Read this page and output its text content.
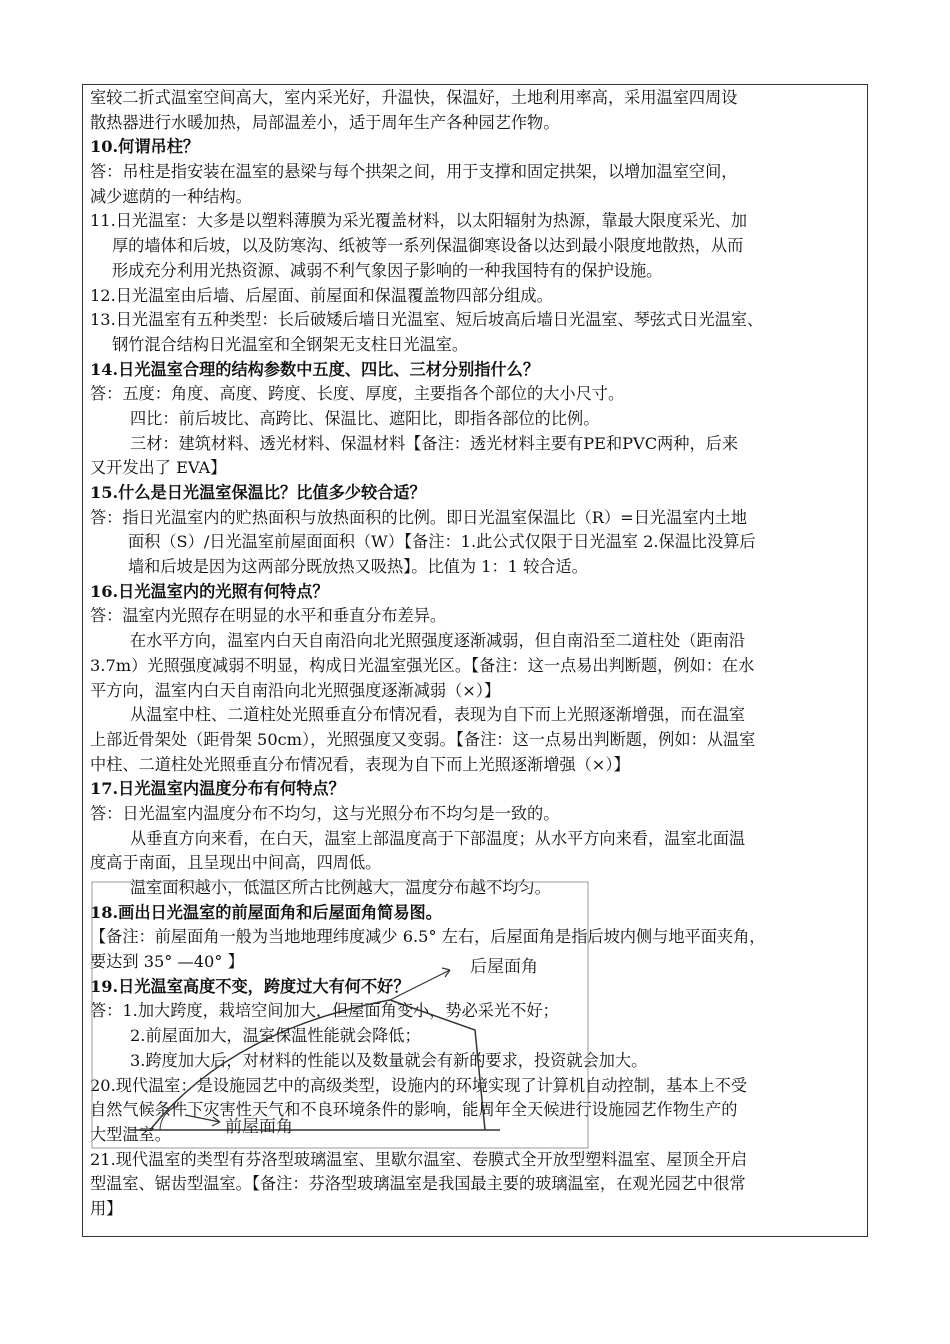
室较二折式温室空间高大，室内采光好，升温快，保温好，土地利用率高，采用温室四周设
散热器进行水暖加热，局部温差小，适于周年生产各种园艺作物。
10.何谓吊柱？
答：吊柱是指安装在温室的悬梁与每个拱架之间，用于支撑和固定拱架，以增加温室空间，
减少遮荫的一种结构。
11.日光温室：大多是以塑料薄膜为采光覆盖材料，以太阳辐射为热源，靠最大限度采光、加
厚的墙体和后坡，以及防寒沟、纸被等一系列保温御寒设备以达到最小限度地散热，从而
形成充分利用光热资源、减弱不利气象因子影响的一种我国特有的保护设施。
12.日光温室由后墙、后屋面、前屋面和保温覆盖物四部分组成。
13.日光温室有五种类型：长后破矮后墙日光温室、短后坡高后墙日光温室、琴弦式日光温室、
钢竹混合结构日光温室和全钢架无支柱日光温室。
14.日光温室合理的结构参数中五度、四比、三材分别指什么？
答：五度：角度、高度、跨度、长度、厚度，主要指各个部位的大小尺寸。
四比：前后坡比、高跨比、保温比、遮阳比，即指各部位的比例。
三材：建筑材料、透光材料、保温材料【备注：透光材料主要有PE和PVC两种，后来
又开发出了 EVA】
15.什么是日光温室保温比？比值多少较合适？
答：指日光温室内的贮热面积与放热面积的比例。即日光温室保温比（R）=日光温室内土地
面积（S）/日光温室前屋面面积（W）【备注：1.此公式仅限于日光温室 2.保温比没算后
墙和后坡是因为这两部分既放热又吸热】。比值为 1：1 较合适。
16.日光温室内的光照有何特点？
答：温室内光照存在明显的水平和垂直分布差异。
在水平方向，温室内白天自南沿向北光照强度逐渐减弱，但自南沿至二道柱处（距南沿
3.7m）光照强度减弱不明显，构成日光温室强光区。【备注：这一点易出判断题，例如：在水
平方向，温室内白天自南沿向北光照强度逐渐减弱（×）】
从温室中柱、二道柱处光照垂直分布情况看，表现为自下而上光照逐渐增强，而在温室
上部近骨架处（距骨架 50cm），光照强度又变弱。【备注：这一点易出判断题，例如：从温室
中柱、二道柱处光照垂直分布情况看，表现为自下而上光照逐渐增强（×）】
17.日光温室内温度分布有何特点？
答：日光温室内温度分布不均匀，这与光照分布不均匀是一致的。
从垂直方向来看，在白天，温室上部温度高于下部温度；从水平方向来看，温室北面温
度高于南面，且呈现出中间高，四周低。
温室面积越小，低温区所占比例越大，温度分布越不均匀。
18.画出日光温室的前屋面角和后屋面角简易图。
【备注：前屋面角一般为当地地理纬度减少 6.5° 左右，后屋面角是指后坡内侧与地平面夹角，
要达到 35° —40° 】
19.日光温室高度不变，跨度过大有何不好？
答：1.加大跨度，栽培空间加大，但屋面角变小，势必采光不好；
2.前屋面加大，温室保温性能就会降低；
3.跨度加大后，对材料的性能以及数量就会有新的要求，投资就会加大。
20.现代温室：是设施园艺中的高级类型，设施内的环境实现了计算机自动控制，基本上不受
自然气候条件下灾害性天气和不良环境条件的影响，能周年全天候进行设施园艺作物生产的
大型温室。
21.现代温室的类型有芬洛型玻璃温室、里歇尔温室、卷膜式全开放型塑料温室、屋顶全开启
型温室、锯齿型温室。【备注：芬洛型玻璃温室是我国最主要的玻璃温室，在观光园艺中很常
用】
后屋面角
前屋面角
